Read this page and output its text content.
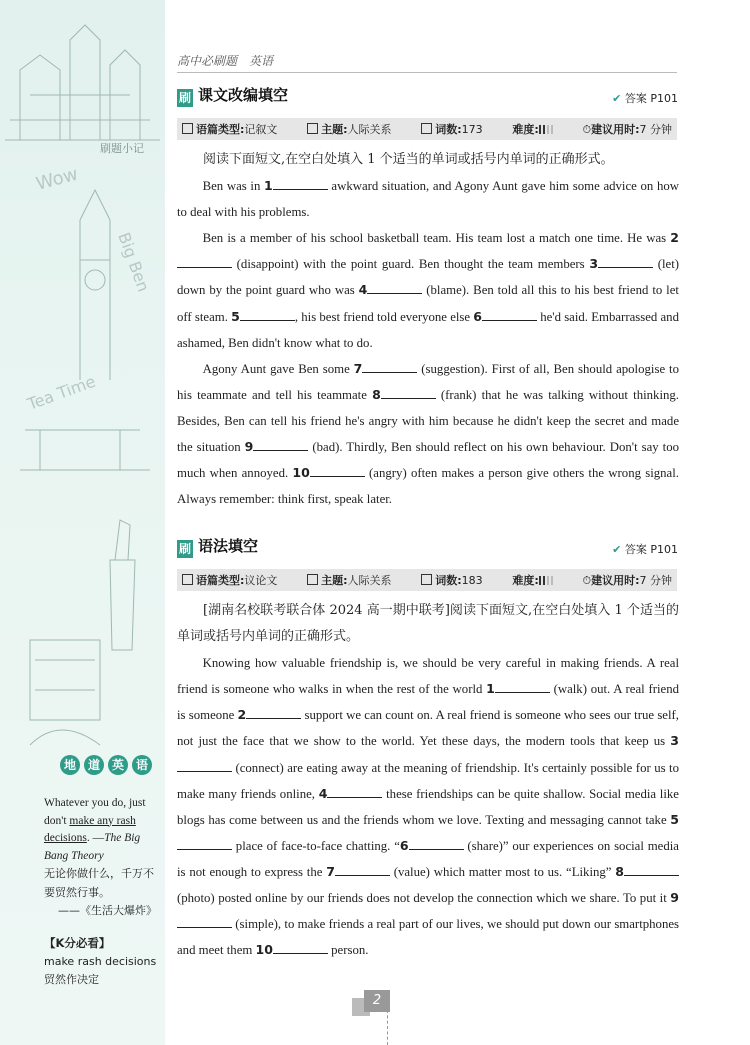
Wow
Big Ben
Tea Time
刷题小记
地 道 英 语
Whatever you do, just don't make any rash decisions. —The Big Bang Theory
无论你做什么，千万不要贸然行事。
——《生活大爆炸》
【K分必看】
make rash decisions 贸然作决定
高中必刷题　英语
刷 课文改编填空	✔ 答案 P101
语篇类型:记叙文	主题:人际关系	词数:173	难度:	⏱建议用时:7 分钟

阅读下面短文,在空白处填入 1 个适当的单词或括号内单词的正确形式。

Ben was in 1	awkward situation, and Agony Aunt gave him some advice on how to deal with his problems.

Ben is a member of his school basketball team. His team lost a match one time. He was 2 (disappoint) with the point guard. Ben thought the team members 3	(let) down by the point guard who was 4	(blame). Ben told all this to his best friend to let off steam. 5	, his best friend told everyone else 6	he'd said. Embarrassed and ashamed, Ben didn't know what to do.

Agony Aunt gave Ben some 7	(suggestion). First of all, Ben should apologise to his teammate and tell his teammate 8	(frank) that he was talking without thinking. Besides, Ben can tell his friend he's angry with him because he didn't keep the secret and made the situation 9	(bad). Thirdly, Ben should reflect on his own behaviour. Don't say too much when annoyed. 10	(angry) often makes a person give others the wrong signal. Always remember: think first, speak later.

刷 语法填空	✔ 答案 P101
语篇类型:议论文	主题:人际关系	词数:183	难度:	⏱建议用时:7 分钟

[湖南名校联考联合体 2024 高一期中联考]阅读下面短文,在空白处填入 1 个适当的单词或括号内单词的正确形式。

Knowing how valuable friendship is, we should be very careful in making friends. A real friend is someone who walks in when the rest of the world 1	(walk) out. A real friend is someone 2	support we can count on. A real friend is someone who sees our true self, not just the face that we show to the world. Yet these days, the modern tools that keep us 3 (connect) are eating away at the meaning of friendship. It's certainly possible for us to make many friends online, 4	these friendships can be quite shallow. Social media like blogs has come between us and the friends whom we love. Texting and messaging cannot take 5 place of face-to-face chatting. “6	(share)” our experiences on social media is not enough to express the 7	(value) which matter most to us. “Liking” 8 (photo) posted online by our friends does not develop the connection which we share. To put it 9 (simple), to make friends a real part of our lives, we should put down our smartphones and meet them 10	person.

2
